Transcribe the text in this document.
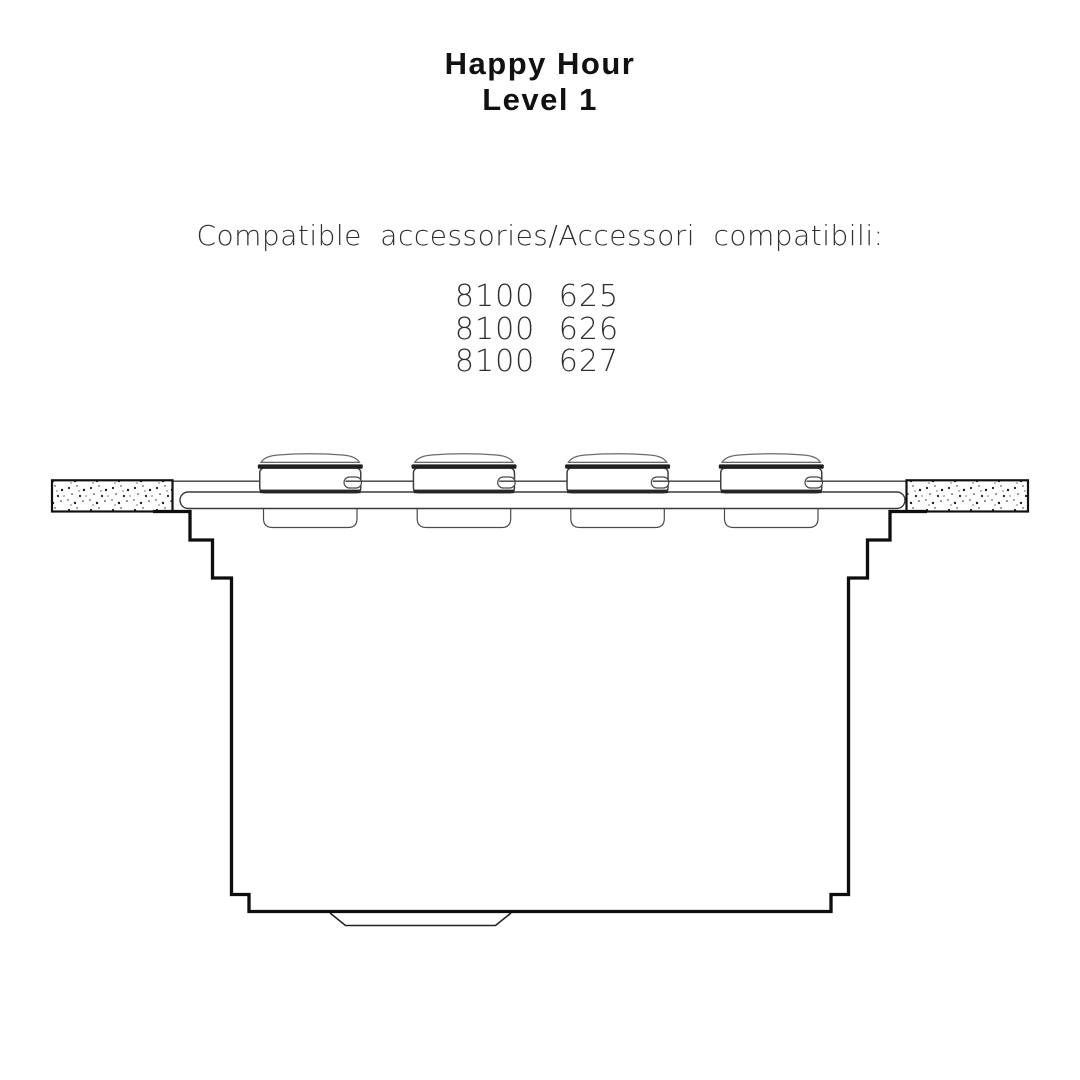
Happy Hour
Level 1
Compatible accessories/Accessori compatibili:
8100 625
8100 626
8100 627
